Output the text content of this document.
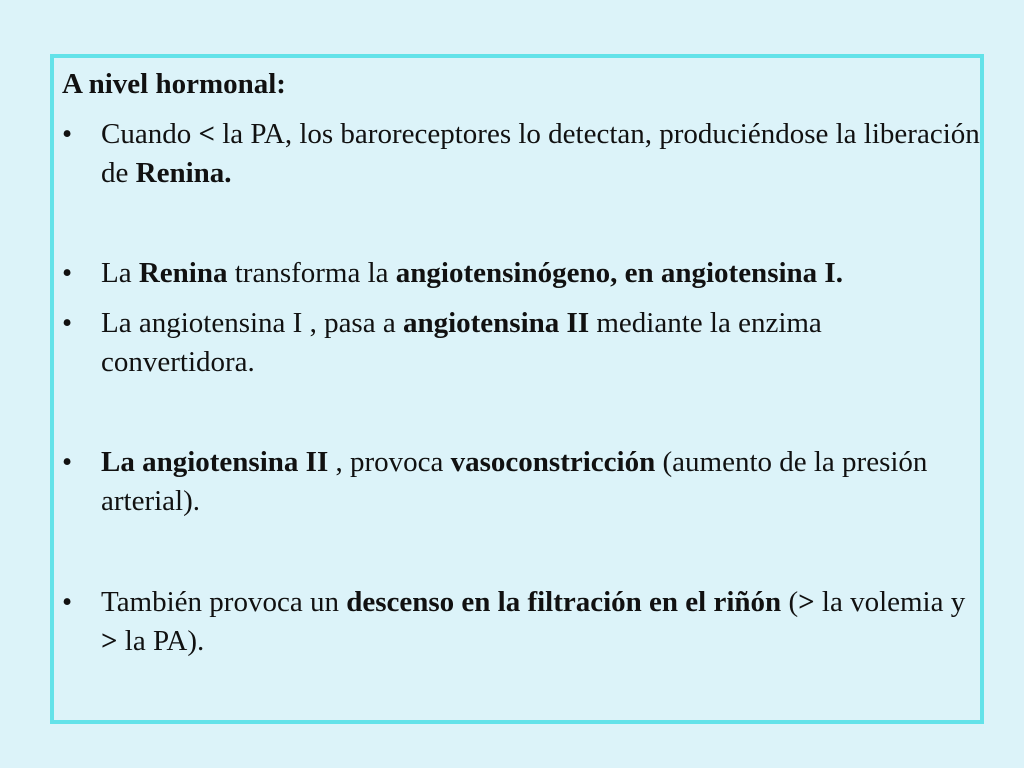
A nivel hormonal:
• Cuando < la PA, los baroreceptores lo detectan, produciéndose la liberación de Renina.
• La Renina transforma la angiotensinógeno, en angiotensina I.
• La angiotensina I , pasa a angiotensina II mediante la enzima convertidora.
• La angiotensina II , provoca vasoconstricción (aumento de la presión arterial).
• También provoca un descenso en la filtración en el riñón (> la volemia y > la PA).
